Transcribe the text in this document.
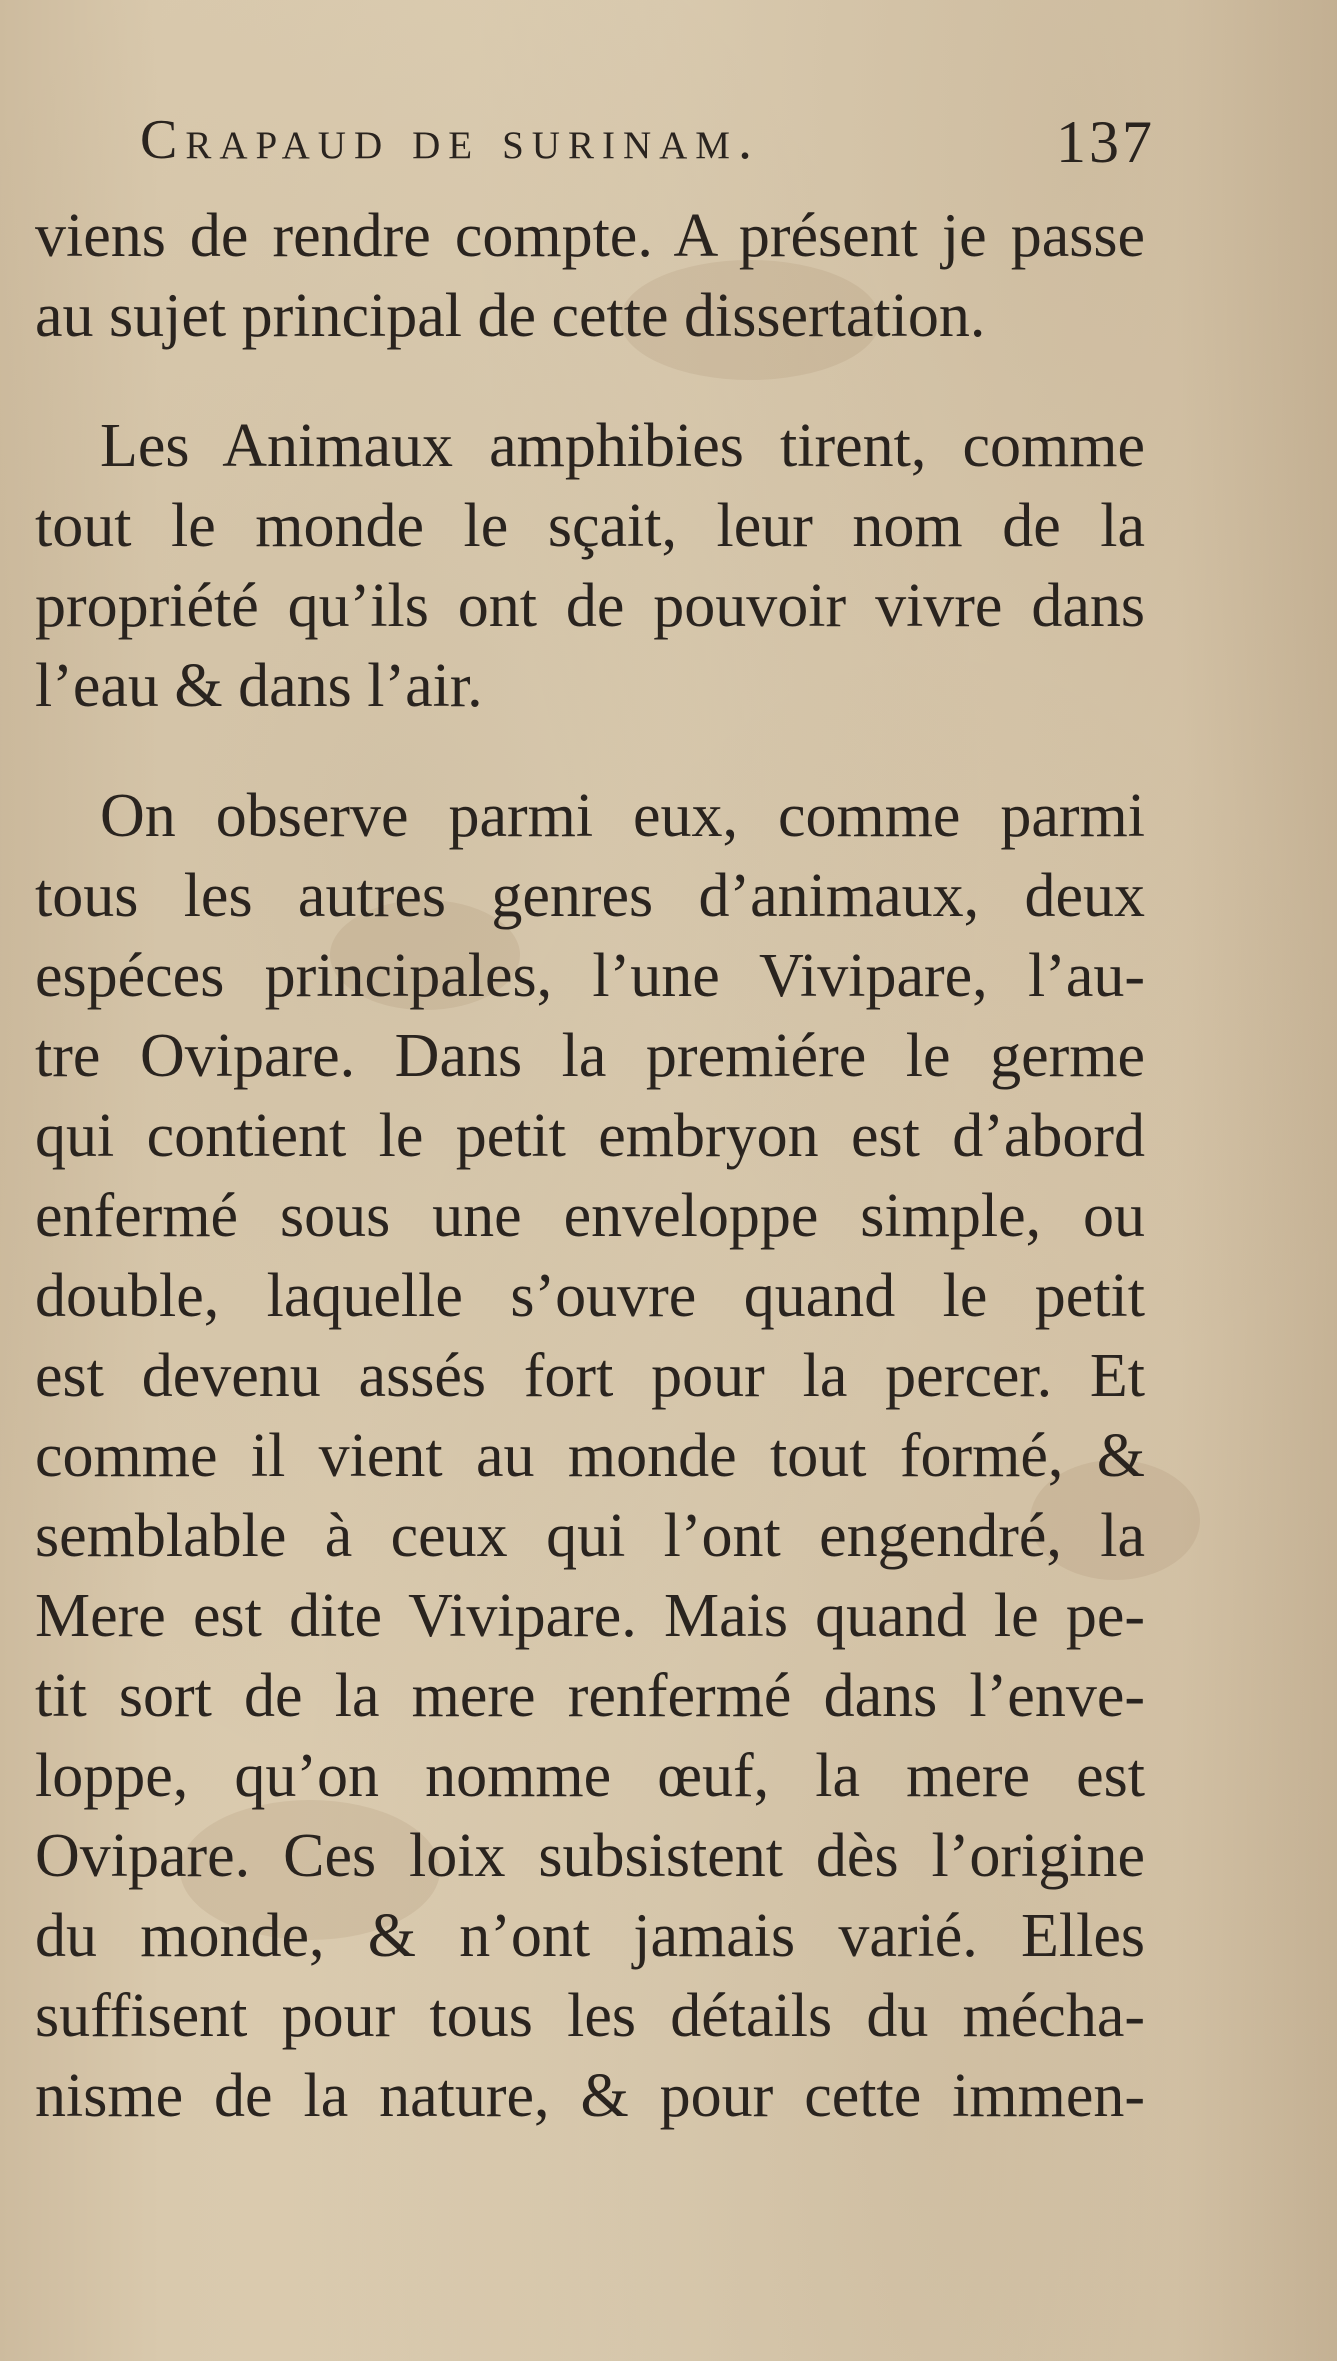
Crapaud de surinam.	137
viens de rendre compte. A présent je passe
au sujet principal de cette dissertation.
Les Animaux amphibies tirent, comme
tout le monde le sçait, leur nom de la
propriété qu’ils ont de pouvoir vivre dans
l’eau & dans l’air.
On observe parmi eux, comme parmi
tous les autres genres d’animaux, deux
espéces principales, l’une Vivipare, l’au-
tre Ovipare. Dans la premiére le germe
qui contient le petit embryon est d’abord
enfermé sous une enveloppe simple, ou
double, laquelle s’ouvre quand le petit
est devenu assés fort pour la percer. Et
comme il vient au monde tout formé, &
semblable à ceux qui l’ont engendré, la
Mere est dite Vivipare. Mais quand le pe-
tit sort de la mere renfermé dans l’enve-
loppe, qu’on nomme œuf, la mere est
Ovipare. Ces loix subsistent dès l’origine
du monde, & n’ont jamais varié. Elles
suffisent pour tous les détails du mécha-
nisme de la nature, & pour cette immen-
